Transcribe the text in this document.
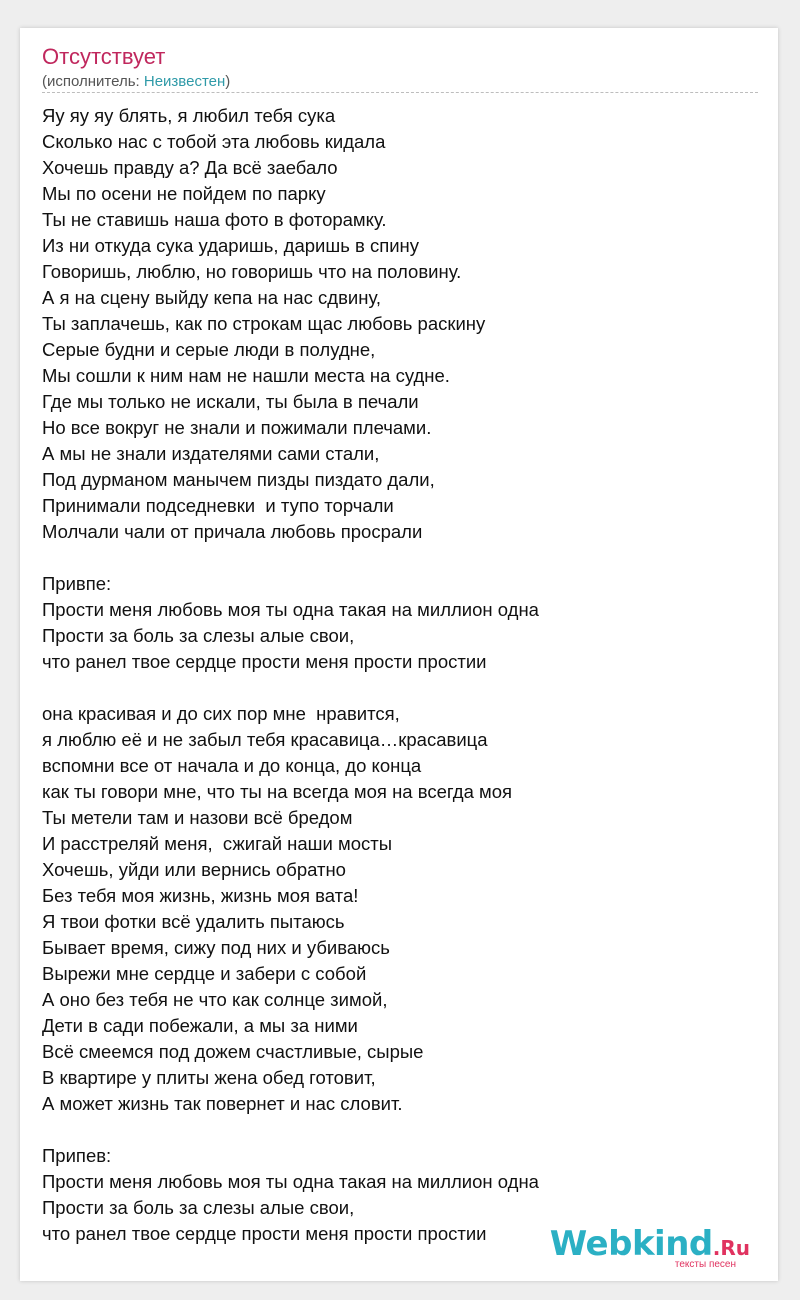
Отсутствует
(исполнитель: Неизвестен)
Яу яу яу блять, я любил тебя сука
Сколько нас с тобой эта любовь кидала
Хочешь правду а? Да всё заебало
Мы по осени не пойдем по парку
Ты не ставишь наша фото в фоторамку.
Из ни откуда сука ударишь, даришь в спину
Говоришь, люблю, но говоришь что на половину.
А я на сцену выйду кепа на нас сдвину,
Ты заплачешь, как по строкам щас любовь раскину
Серые будни и серые люди в полудне,
Мы сошли к ним нам не нашли места на судне.
Где мы только не искали, ты была в печали
Но все вокруг не знали и пожимали плечами.
А мы не знали издателями сами стали,
Под дурманом манычем пизды пиздато дали,
Принимали подседневки  и тупо торчали
Молчали чали от причала любовь просрали
Привпе:
Прости меня любовь моя ты одна такая на миллион одна
Прости за боль за слезы алые свои,
что ранел твое сердце прости меня прости простии
она красивая и до сих пор мне  нравится,
я люблю её и не забыл тебя красавица…красавица
вспомни все от начала и до конца, до конца
как ты говори мне, что ты на всегда моя на всегда моя
Ты метели там и назови всё бредом
И расстреляй меня,  сжигай наши мосты
Хочешь, уйди или вернись обратно
Без тебя моя жизнь, жизнь моя вата!
Я твои фотки всё удалить пытаюсь
Бывает время, сижу под них и убиваюсь
Вырежи мне сердце и забери с собой
А оно без тебя не что как солнце зимой,
Дети в сади побежали, а мы за ними
Всё смеемся под дожем счастливые, сырые
В квартире у плиты жена обед готовит,
А может жизнь так повернет и нас словит.
Припев:
Прости меня любовь моя ты одна такая на миллион одна
Прости за боль за слезы алые свои,
что ранел твое сердце прости меня прости простии	Webkind.Ru
тексты песен
